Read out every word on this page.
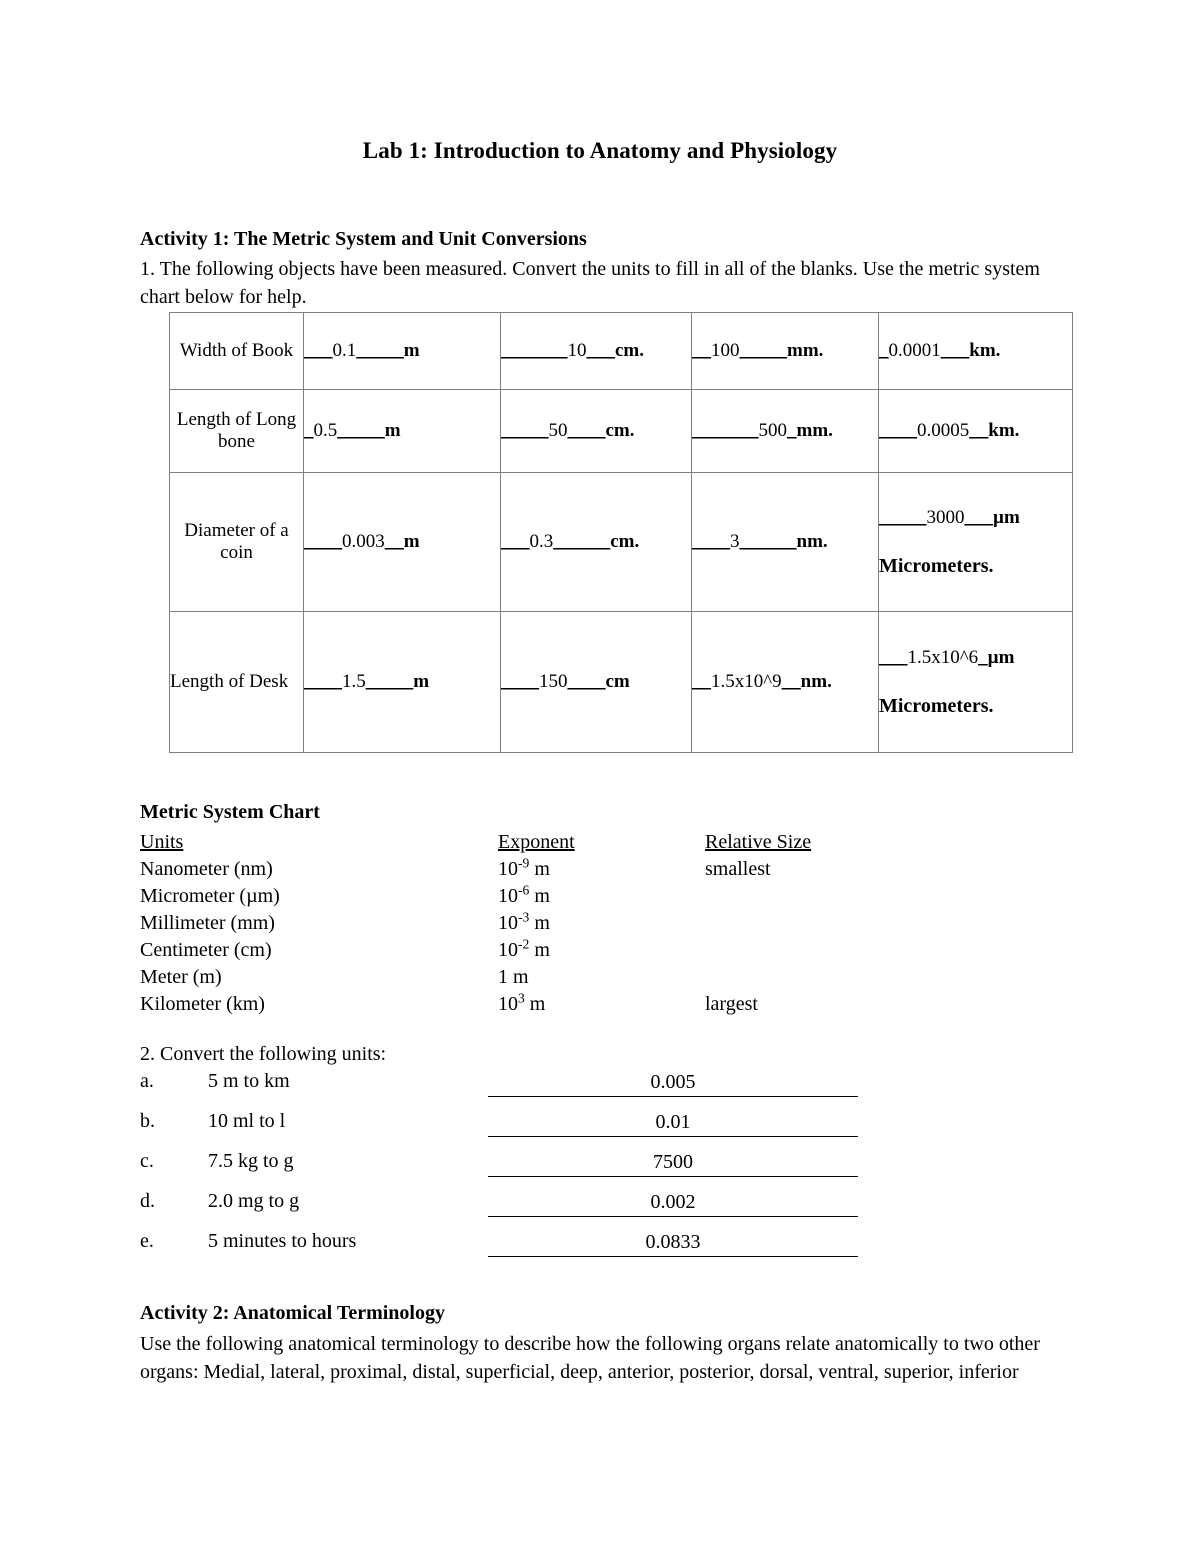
Lab 1: Introduction to Anatomy and Physiology
Activity 1: The Metric System and Unit Conversions
1. The following objects have been measured. Convert the units to fill in all of the blanks. Use the metric system chart below for help.
Width of Book	___0.1_____m	_______10___cm.	__100_____mm.	_0.0001___km.

Length of Long bone	_0.5_____m	_____50____cm.	_______500_mm.	____0.0005__km.

Diameter of a coin	____0.003__m	___0.3______cm.	____3______nm.	_____3000___µm
Micrometers.

Length of Desk	____1.5_____m	____150____cm	__1.5x10^9__nm.	___1.5x10^6_µm
Micrometers.
Metric System Chart
Units	Exponent	Relative Size
Nanometer (nm)	$10^{-9}$ m	smallest
Micrometer (µm)	$10^{-6}$ m
Millimeter (mm)	$10^{-3}$ m
Centimeter (cm)	$10^{-2}$ m
Meter (m)	1 m
Kilometer (km)	$10^3$ m	largest
2. Convert the following units:
a.	5 m to km	0.005
b.	10 ml to l	0.01
c.	7.5 kg to g	7500
d.	2.0 mg to g	0.002
e.	5 minutes to hours	0.0833
Activity 2: Anatomical Terminology
Use the following anatomical terminology to describe how the following organs relate anatomically to two other organs: Medial, lateral, proximal, distal, superficial, deep, anterior, posterior, dorsal, ventral, superior, inferior
